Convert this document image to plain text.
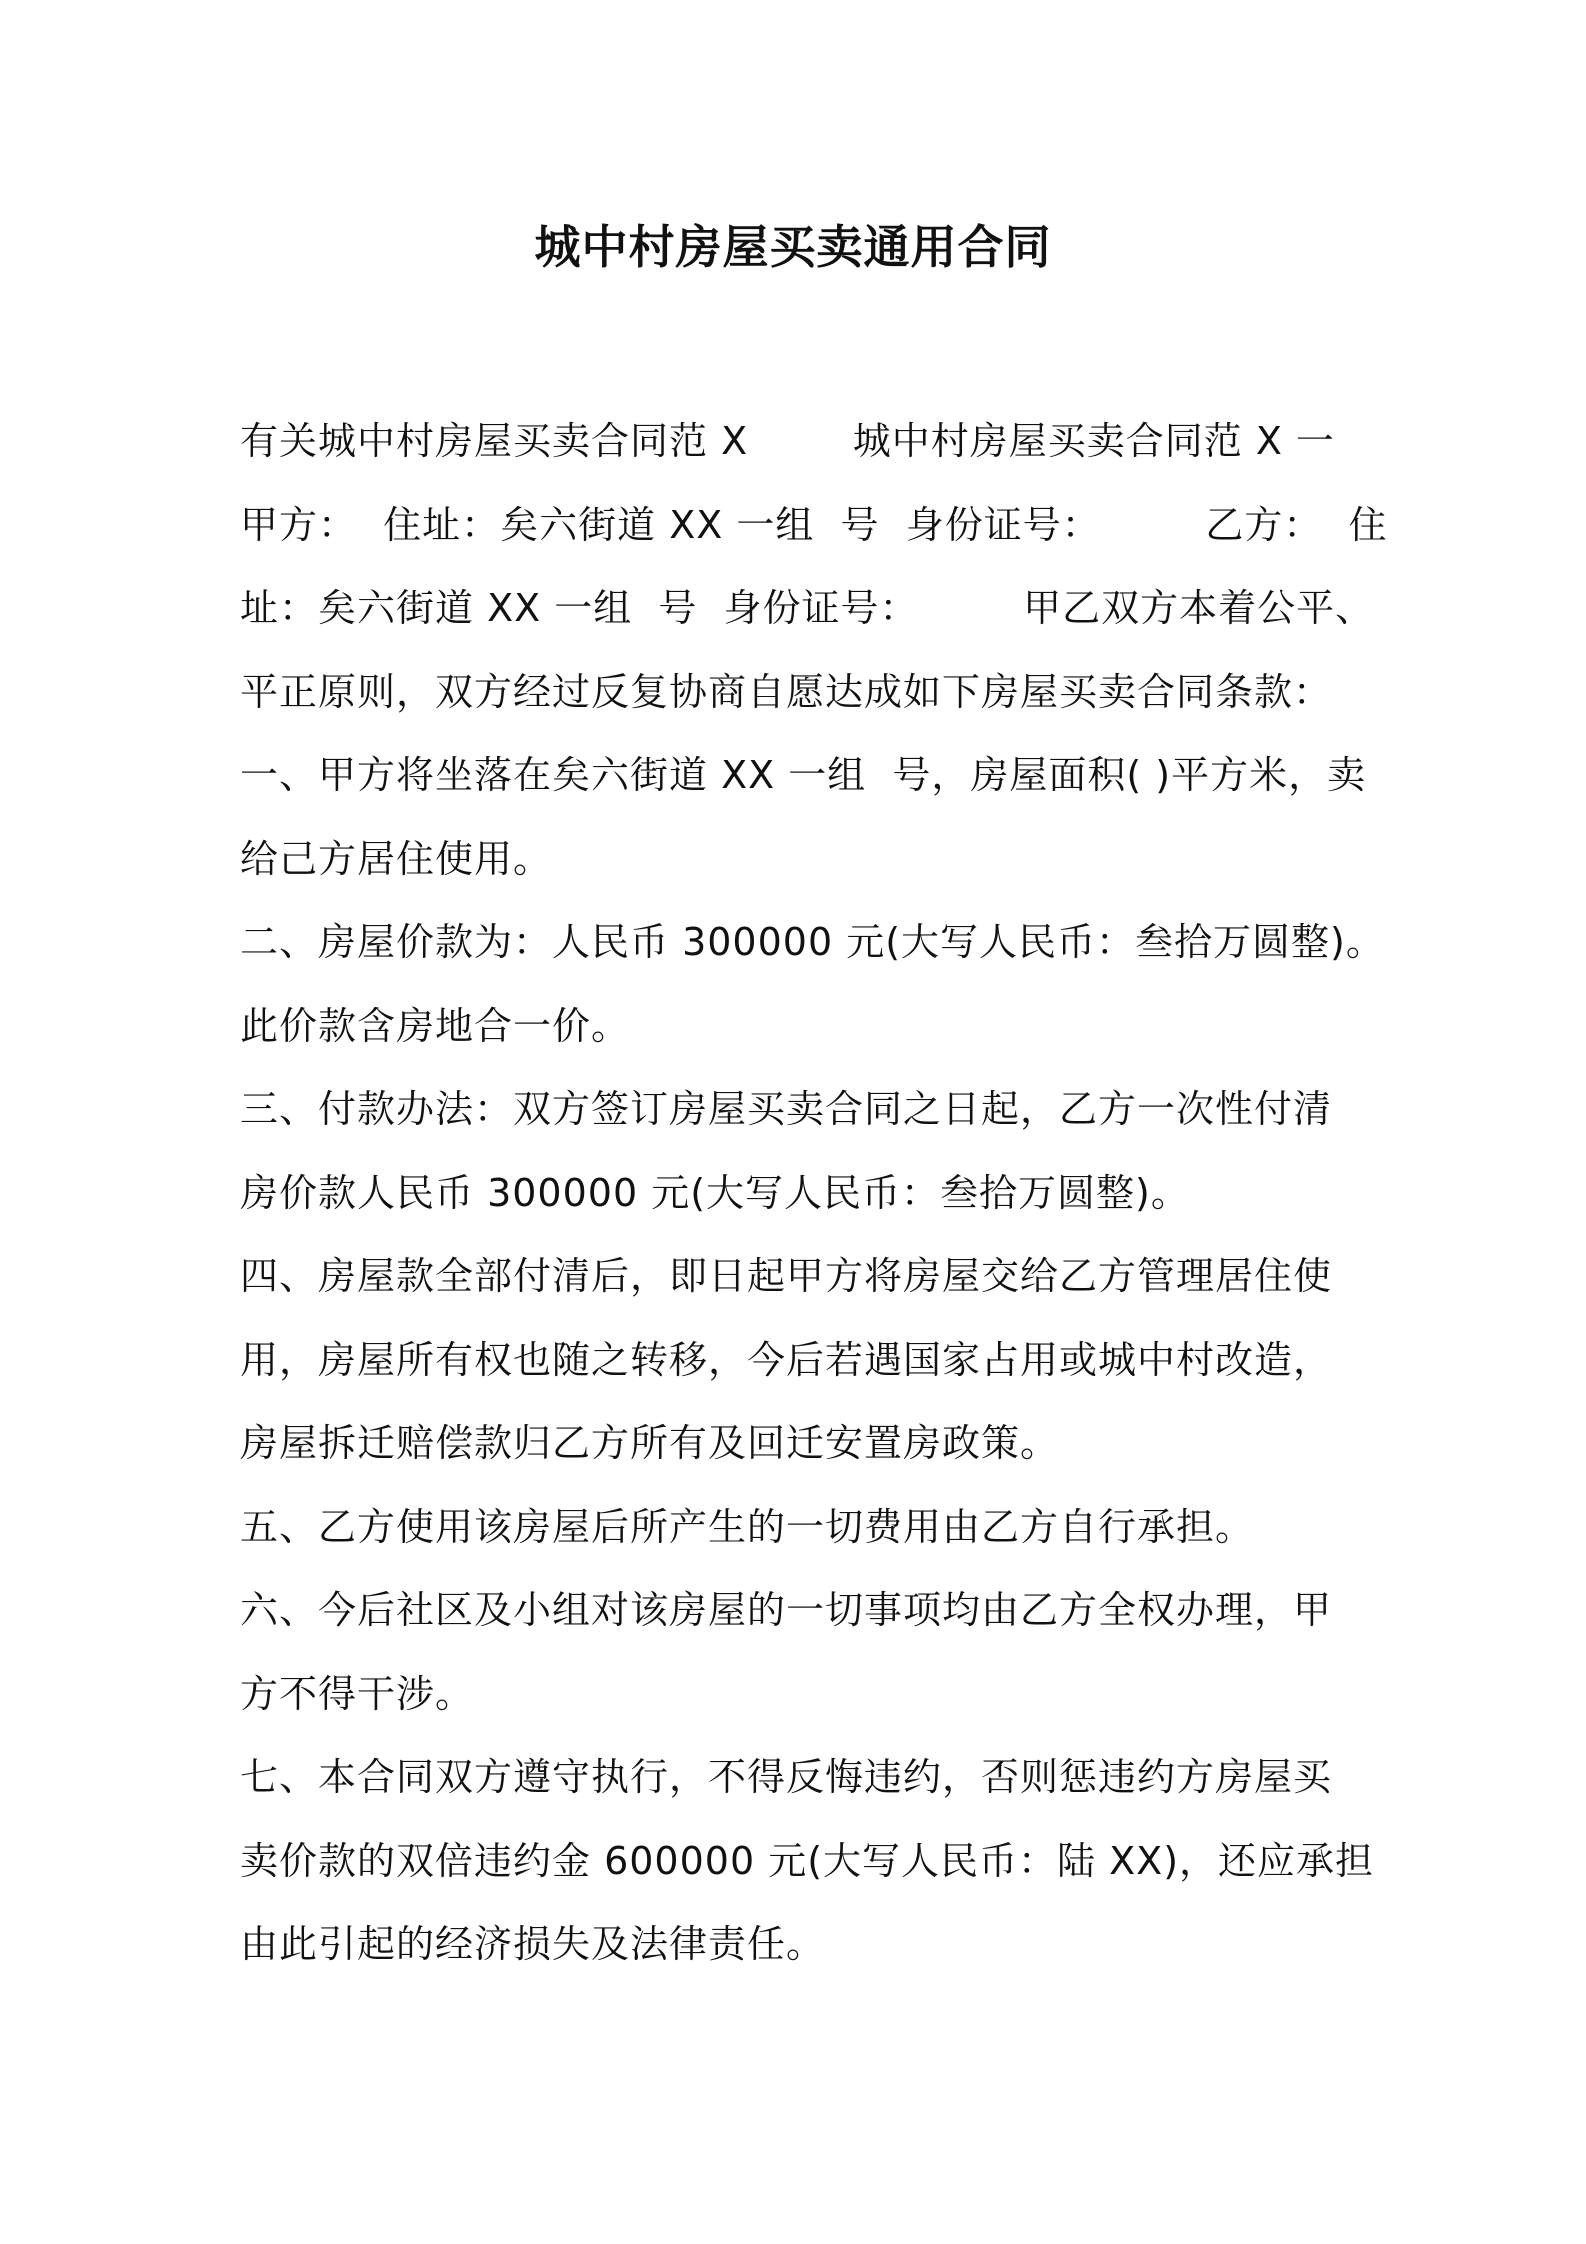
城中村房屋买卖通用合同
有关城中村房屋买卖合同范 X        城中村房屋买卖合同范 X 一
甲方：  住址：矣六街道 XX 一组  号  身份证号：        乙方：  住
址：矣六街道 XX 一组  号  身份证号：        甲乙双方本着公平、
平正原则，双方经过反复协商自愿达成如下房屋买卖合同条款：
一、甲方将坐落在矣六街道 XX 一组  号，房屋面积( )平方米，卖
给己方居住使用。
二、房屋价款为：人民币 300000 元(大写人民币：叁拾万圆整)。
此价款含房地合一价。
三、付款办法：双方签订房屋买卖合同之日起，乙方一次性付清
房价款人民币 300000 元(大写人民币：叁拾万圆整)。
四、房屋款全部付清后，即日起甲方将房屋交给乙方管理居住使
用，房屋所有权也随之转移，今后若遇国家占用或城中村改造，
房屋拆迁赔偿款归乙方所有及回迁安置房政策。
五、乙方使用该房屋后所产生的一切费用由乙方自行承担。
六、今后社区及小组对该房屋的一切事项均由乙方全权办理，甲
方不得干涉。
七、本合同双方遵守执行，不得反悔违约，否则惩违约方房屋买
卖价款的双倍违约金 600000 元(大写人民币：陆 XX)，还应承担
由此引起的经济损失及法律责任。
